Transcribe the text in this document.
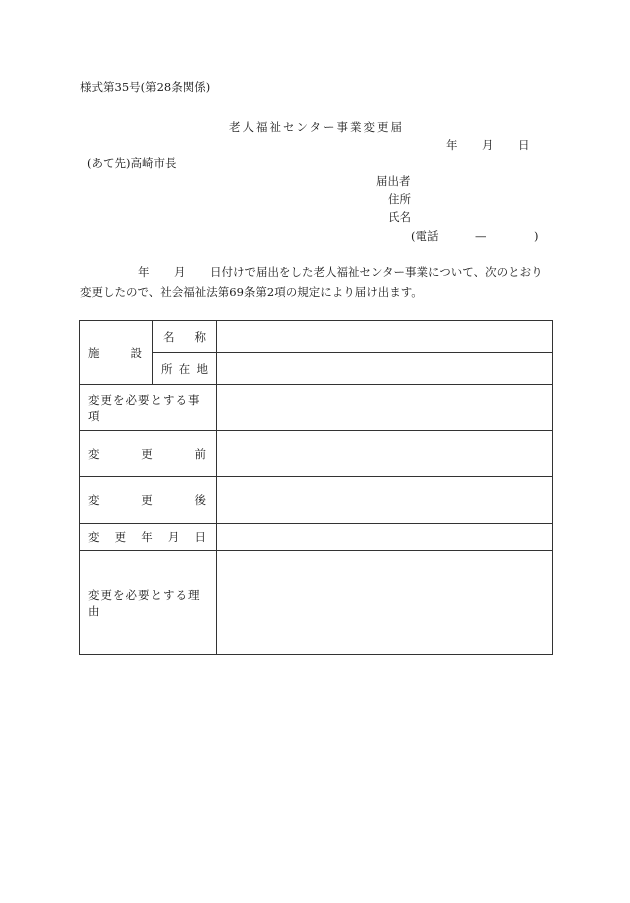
様式第35号(第28条関係)
老人福祉センター事業変更届
年 月 日
(あて先)高崎市長
届出者
住所
氏名
(電話	—	)
年 月 日付けで届出をした老人福祉センター事業について、次のとおり
変更したので、社会福祉法第69条第2項の規定により届け出ます。
施 設	名 称	

	所 在 地	

変更を必要とする事項		

変 更 前		

変 更 後		

変 更 年 月 日		

変更を必要とする理由		
